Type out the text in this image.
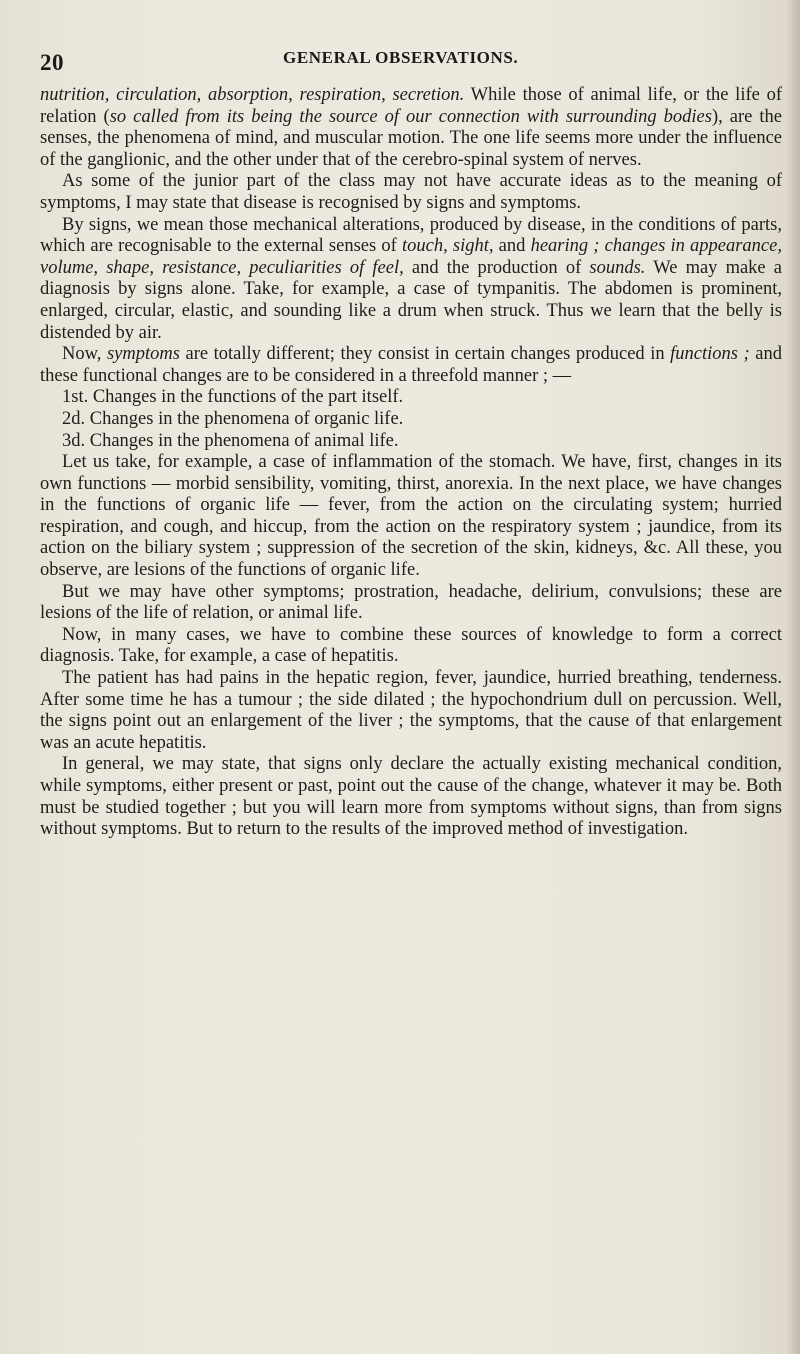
20	GENERAL OBSERVATIONS.

nutrition, circulation, absorption, respiration, secretion. While those of animal life, or the life of relation (so called from its being the source of our connection with surrounding bodies), are the senses, the phenomena of mind, and muscular motion. The one life seems more under the influence of the ganglionic, and the other under that of the cerebro-spinal system of nerves.

As some of the junior part of the class may not have accurate ideas as to the meaning of symptoms, I may state that disease is recognised by signs and symptoms.

By signs, we mean those mechanical alterations, produced by disease, in the conditions of parts, which are recognisable to the external senses of touch, sight, and hearing ; changes in appearance, volume, shape, resistance, peculiarities of feel, and the production of sounds. We may make a diagnosis by signs alone. Take, for example, a case of tympanitis. The abdomen is prominent, enlarged, circular, elastic, and sounding like a drum when struck. Thus we learn that the belly is distended by air.

Now, symptoms are totally different; they consist in certain changes produced in functions ; and these functional changes are to be considered in a threefold manner ; —

1st. Changes in the functions of the part itself.

2d. Changes in the phenomena of organic life.

3d. Changes in the phenomena of animal life.

Let us take, for example, a case of inflammation of the stomach. We have, first, changes in its own functions — morbid sensibility, vomiting, thirst, anorexia. In the next place, we have changes in the functions of organic life — fever, from the action on the circulating system; hurried respiration, and cough, and hiccup, from the action on the respiratory system ; jaundice, from its action on the biliary system ; suppression of the secretion of the skin, kidneys, &c. All these, you observe, are lesions of the functions of organic life.

But we may have other symptoms; prostration, headache, delirium, convulsions; these are lesions of the life of relation, or animal life.

Now, in many cases, we have to combine these sources of knowledge to form a correct diagnosis. Take, for example, a case of hepatitis.

The patient has had pains in the hepatic region, fever, jaundice, hurried breathing, tenderness. After some time he has a tumour ; the side dilated ; the hypochondrium dull on percussion. Well, the signs point out an enlargement of the liver ; the symptoms, that the cause of that enlargement was an acute hepatitis.

In general, we may state, that signs only declare the actually existing mechanical condition, while symptoms, either present or past, point out the cause of the change, whatever it may be. Both must be studied together ; but you will learn more from symptoms without signs, than from signs without symptoms. But to return to the results of the improved method of investigation.
